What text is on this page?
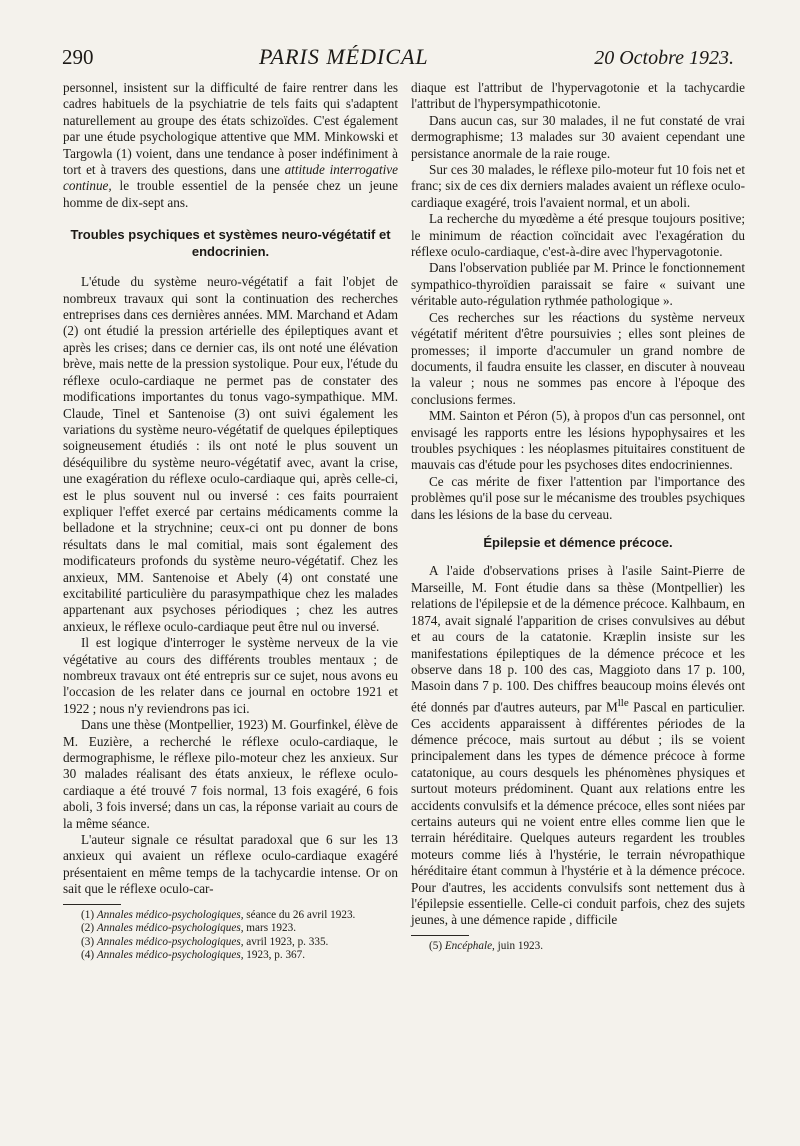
290	PARIS MÉDICAL	20 Octobre 1923.

personnel, insistent sur la difficulté de faire rentrer dans les cadres habituels de la psychiatrie de tels faits qui s'adaptent naturellement au groupe des états schizoïdes. C'est également par une étude psychologique attentive que MM. Minkowski et Targowla (1) voient, dans une tendance à poser indéfiniment à tort et à travers des questions, dans une attitude interrogative continue, le trouble essentiel de la pensée chez un jeune homme de dix-sept ans.

Troubles psychiques et systèmes neuro-végétatif et endocrinien.

L'étude du système neuro-végétatif a fait l'objet de nombreux travaux qui sont la continuation des recherches entreprises dans ces dernières années. MM. Marchand et Adam (2) ont étudié la pression artérielle des épileptiques avant et après les crises; dans ce dernier cas, ils ont noté une élévation brève, mais nette de la pression systolique. Pour eux, l'étude du réflexe oculo-cardiaque ne permet pas de constater des modifications importantes du tonus vago-sympathique. MM. Claude, Tinel et Santenoise (3) ont suivi également les variations du système neuro-végétatif de quelques épileptiques soigneusement étudiés : ils ont noté le plus souvent un déséquilibre du système neuro-végétatif avec, avant la crise, une exagération du réflexe oculo-cardiaque qui, après celle-ci, est le plus souvent nul ou inversé : ces faits pourraient expliquer l'effet exercé par certains médicaments comme la belladone et la strychnine; ceux-ci ont pu donner de bons résultats dans le mal comitial, mais sont également des modificateurs profonds du système neuro-végétatif. Chez les anxieux, MM. Santenoise et Abely (4) ont constaté une excitabilité particulière du parasympathique chez les malades appartenant aux psychoses périodiques ; chez les autres anxieux, le réflexe oculo-cardiaque peut être nul ou inversé.

Il est logique d'interroger le système nerveux de la vie végétative au cours des différents troubles mentaux ; de nombreux travaux ont été entrepris sur ce sujet, nous avons eu l'occasion de les relater dans ce journal en octobre 1921 et 1922 ; nous n'y reviendrons pas ici.

Dans une thèse (Montpellier, 1923) M. Gourfinkel, élève de M. Euzière, a recherché le réflexe oculo-cardiaque, le dermographisme, le réflexe pilo-moteur chez les anxieux. Sur 30 malades réalisant des états anxieux, le réflexe oculo-cardiaque a été trouvé 7 fois normal, 13 fois exagéré, 6 fois aboli, 3 fois inversé; dans un cas, la réponse variait au cours de la même séance.

L'auteur signale ce résultat paradoxal que 6 sur les 13 anxieux qui avaient un réflexe oculo-cardiaque exagéré présentaient en même temps de la tachycardie intense. Or on sait que le réflexe oculo-car-

(1) Annales médico-psychologiques, séance du 26 avril 1923.

(2) Annales médico-psychologiques, mars 1923.

(3) Annales médico-psychologiques, avril 1923, p. 335.

(4) Annales médico-psychologiques, 1923, p. 367.

diaque est l'attribut de l'hypervagotonie et la tachycardie l'attribut de l'hypersympathicotonie.

Dans aucun cas, sur 30 malades, il ne fut constaté de vrai dermographisme; 13 malades sur 30 avaient cependant une persistance anormale de la raie rouge.

Sur ces 30 malades, le réflexe pilo-moteur fut 10 fois net et franc; six de ces dix derniers malades avaient un réflexe oculo-cardiaque exagéré, trois l'avaient normal, et un aboli.

La recherche du myœdème a été presque toujours positive; le minimum de réaction coïncidait avec l'exagération du réflexe oculo-cardiaque, c'est-à-dire avec l'hypervagotonie.

Dans l'observation publiée par M. Prince le fonctionnement sympathico-thyroïdien paraissait se faire « suivant une véritable auto-régulation rythmée pathologique ».

Ces recherches sur les réactions du système nerveux végétatif méritent d'être poursuivies ; elles sont pleines de promesses; il importe d'accumuler un grand nombre de documents, il faudra ensuite les classer, en discuter à nouveau la valeur ; nous ne sommes pas encore à l'époque des conclusions fermes.

MM. Sainton et Péron (5), à propos d'un cas personnel, ont envisagé les rapports entre les lésions hypophysaires et les troubles psychiques : les néoplasmes pituitaires constituent de mauvais cas d'étude pour les psychoses dites endocriniennes.

Ce cas mérite de fixer l'attention par l'importance des problèmes qu'il pose sur le mécanisme des troubles psychiques dans les lésions de la base du cerveau.

Épilepsie et démence précoce.

A l'aide d'observations prises à l'asile Saint-Pierre de Marseille, M. Font étudie dans sa thèse (Montpellier) les relations de l'épilepsie et de la démence précoce. Kalhbaum, en 1874, avait signalé l'apparition de crises convulsives au début et au cours de la catatonie. Kræplin insiste sur les manifestations épileptiques de la démence précoce et les observe dans 18 p. 100 des cas, Maggioto dans 17 p. 100, Masoin dans 7 p. 100. Des chiffres beaucoup moins élevés ont été donnés par d'autres auteurs, par $M^{lle}$ Pascal en particulier. Ces accidents apparaissent à différentes périodes de la démence précoce, mais surtout au début ; ils se voient principalement dans les types de démence précoce à forme catatonique, au cours desquels les phénomènes physiques et surtout moteurs prédominent. Quant aux relations entre les accidents convulsifs et la démence précoce, elles sont niées par certains auteurs qui ne voient entre elles comme lien que le terrain héréditaire. Quelques auteurs regardent les troubles moteurs comme liés à l'hystérie, le terrain névropathique héréditaire étant commun à l'hystérie et à la démence précoce. Pour d'autres, les accidents convulsifs sont nettement dus à l'épilepsie essentielle. Celle-ci conduit parfois, chez des sujets jeunes, à une démence rapide , difficile

(5) Encéphale, juin 1923.
